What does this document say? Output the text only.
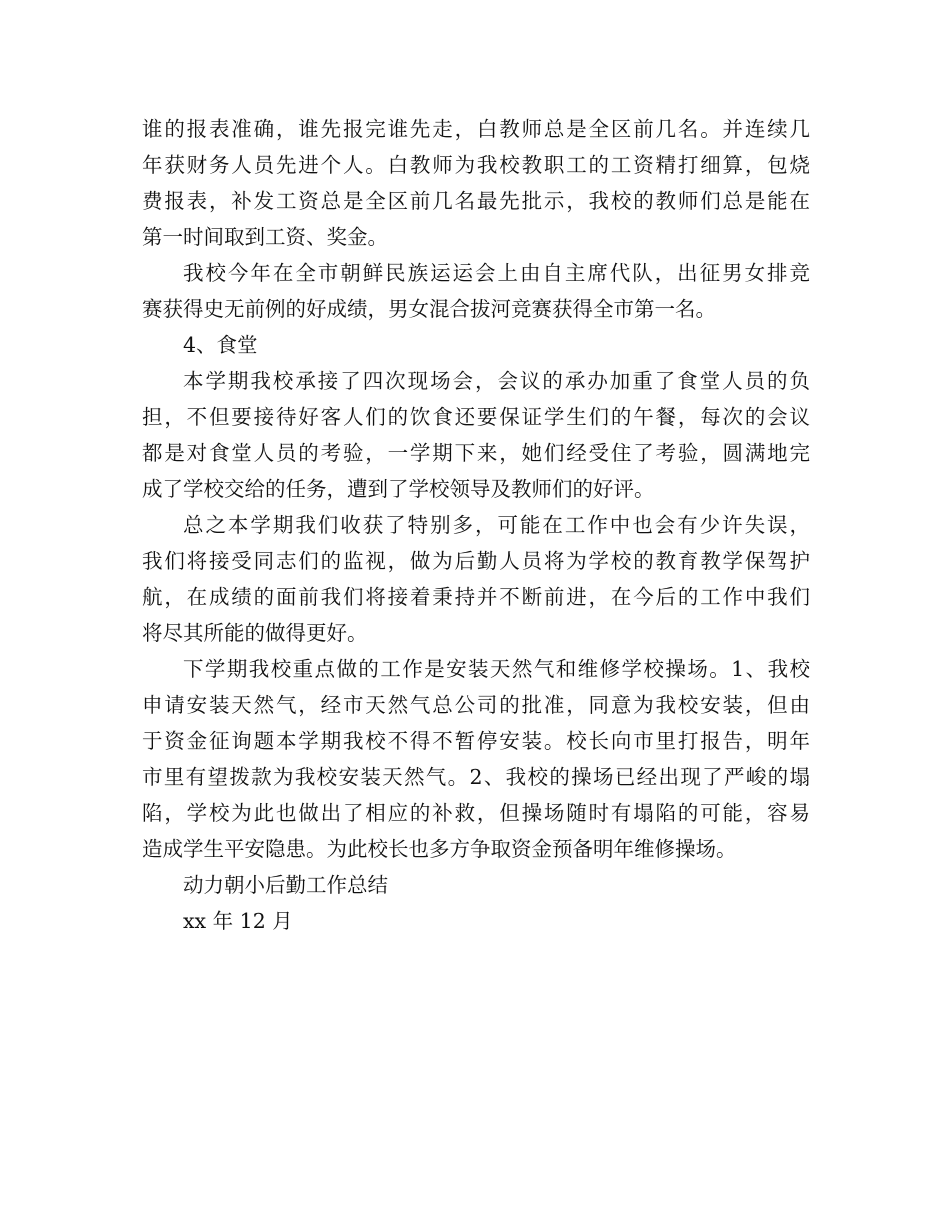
谁的报表准确，谁先报完谁先走，白教师总是全区前几名。并连续几
年获财务人员先进个人。白教师为我校教职工的工资精打细算，包烧
费报表，补发工资总是全区前几名最先批示，我校的教师们总是能在
第一时间取到工资、奖金。
我校今年在全市朝鲜民族运运会上由自主席代队，出征男女排竞
赛获得史无前例的好成绩，男女混合拔河竞赛获得全市第一名。
4、食堂
本学期我校承接了四次现场会，会议的承办加重了食堂人员的负
担，不但要接待好客人们的饮食还要保证学生们的午餐，每次的会议
都是对食堂人员的考验，一学期下来，她们经受住了考验，圆满地完
成了学校交给的任务，遭到了学校领导及教师们的好评。
总之本学期我们收获了特别多，可能在工作中也会有少许失误，
我们将接受同志们的监视，做为后勤人员将为学校的教育教学保驾护
航，在成绩的面前我们将接着秉持并不断前进，在今后的工作中我们
将尽其所能的做得更好。
下学期我校重点做的工作是安装天然气和维修学校操场。1、我校
申请安装天然气，经市天然气总公司的批准，同意为我校安装，但由
于资金征询题本学期我校不得不暂停安装。校长向市里打报告，明年
市里有望拨款为我校安装天然气。2、我校的操场已经出现了严峻的塌
陷，学校为此也做出了相应的补救，但操场随时有塌陷的可能，容易
造成学生平安隐患。为此校长也多方争取资金预备明年维修操场。
动力朝小后勤工作总结
xx 年 12 月
